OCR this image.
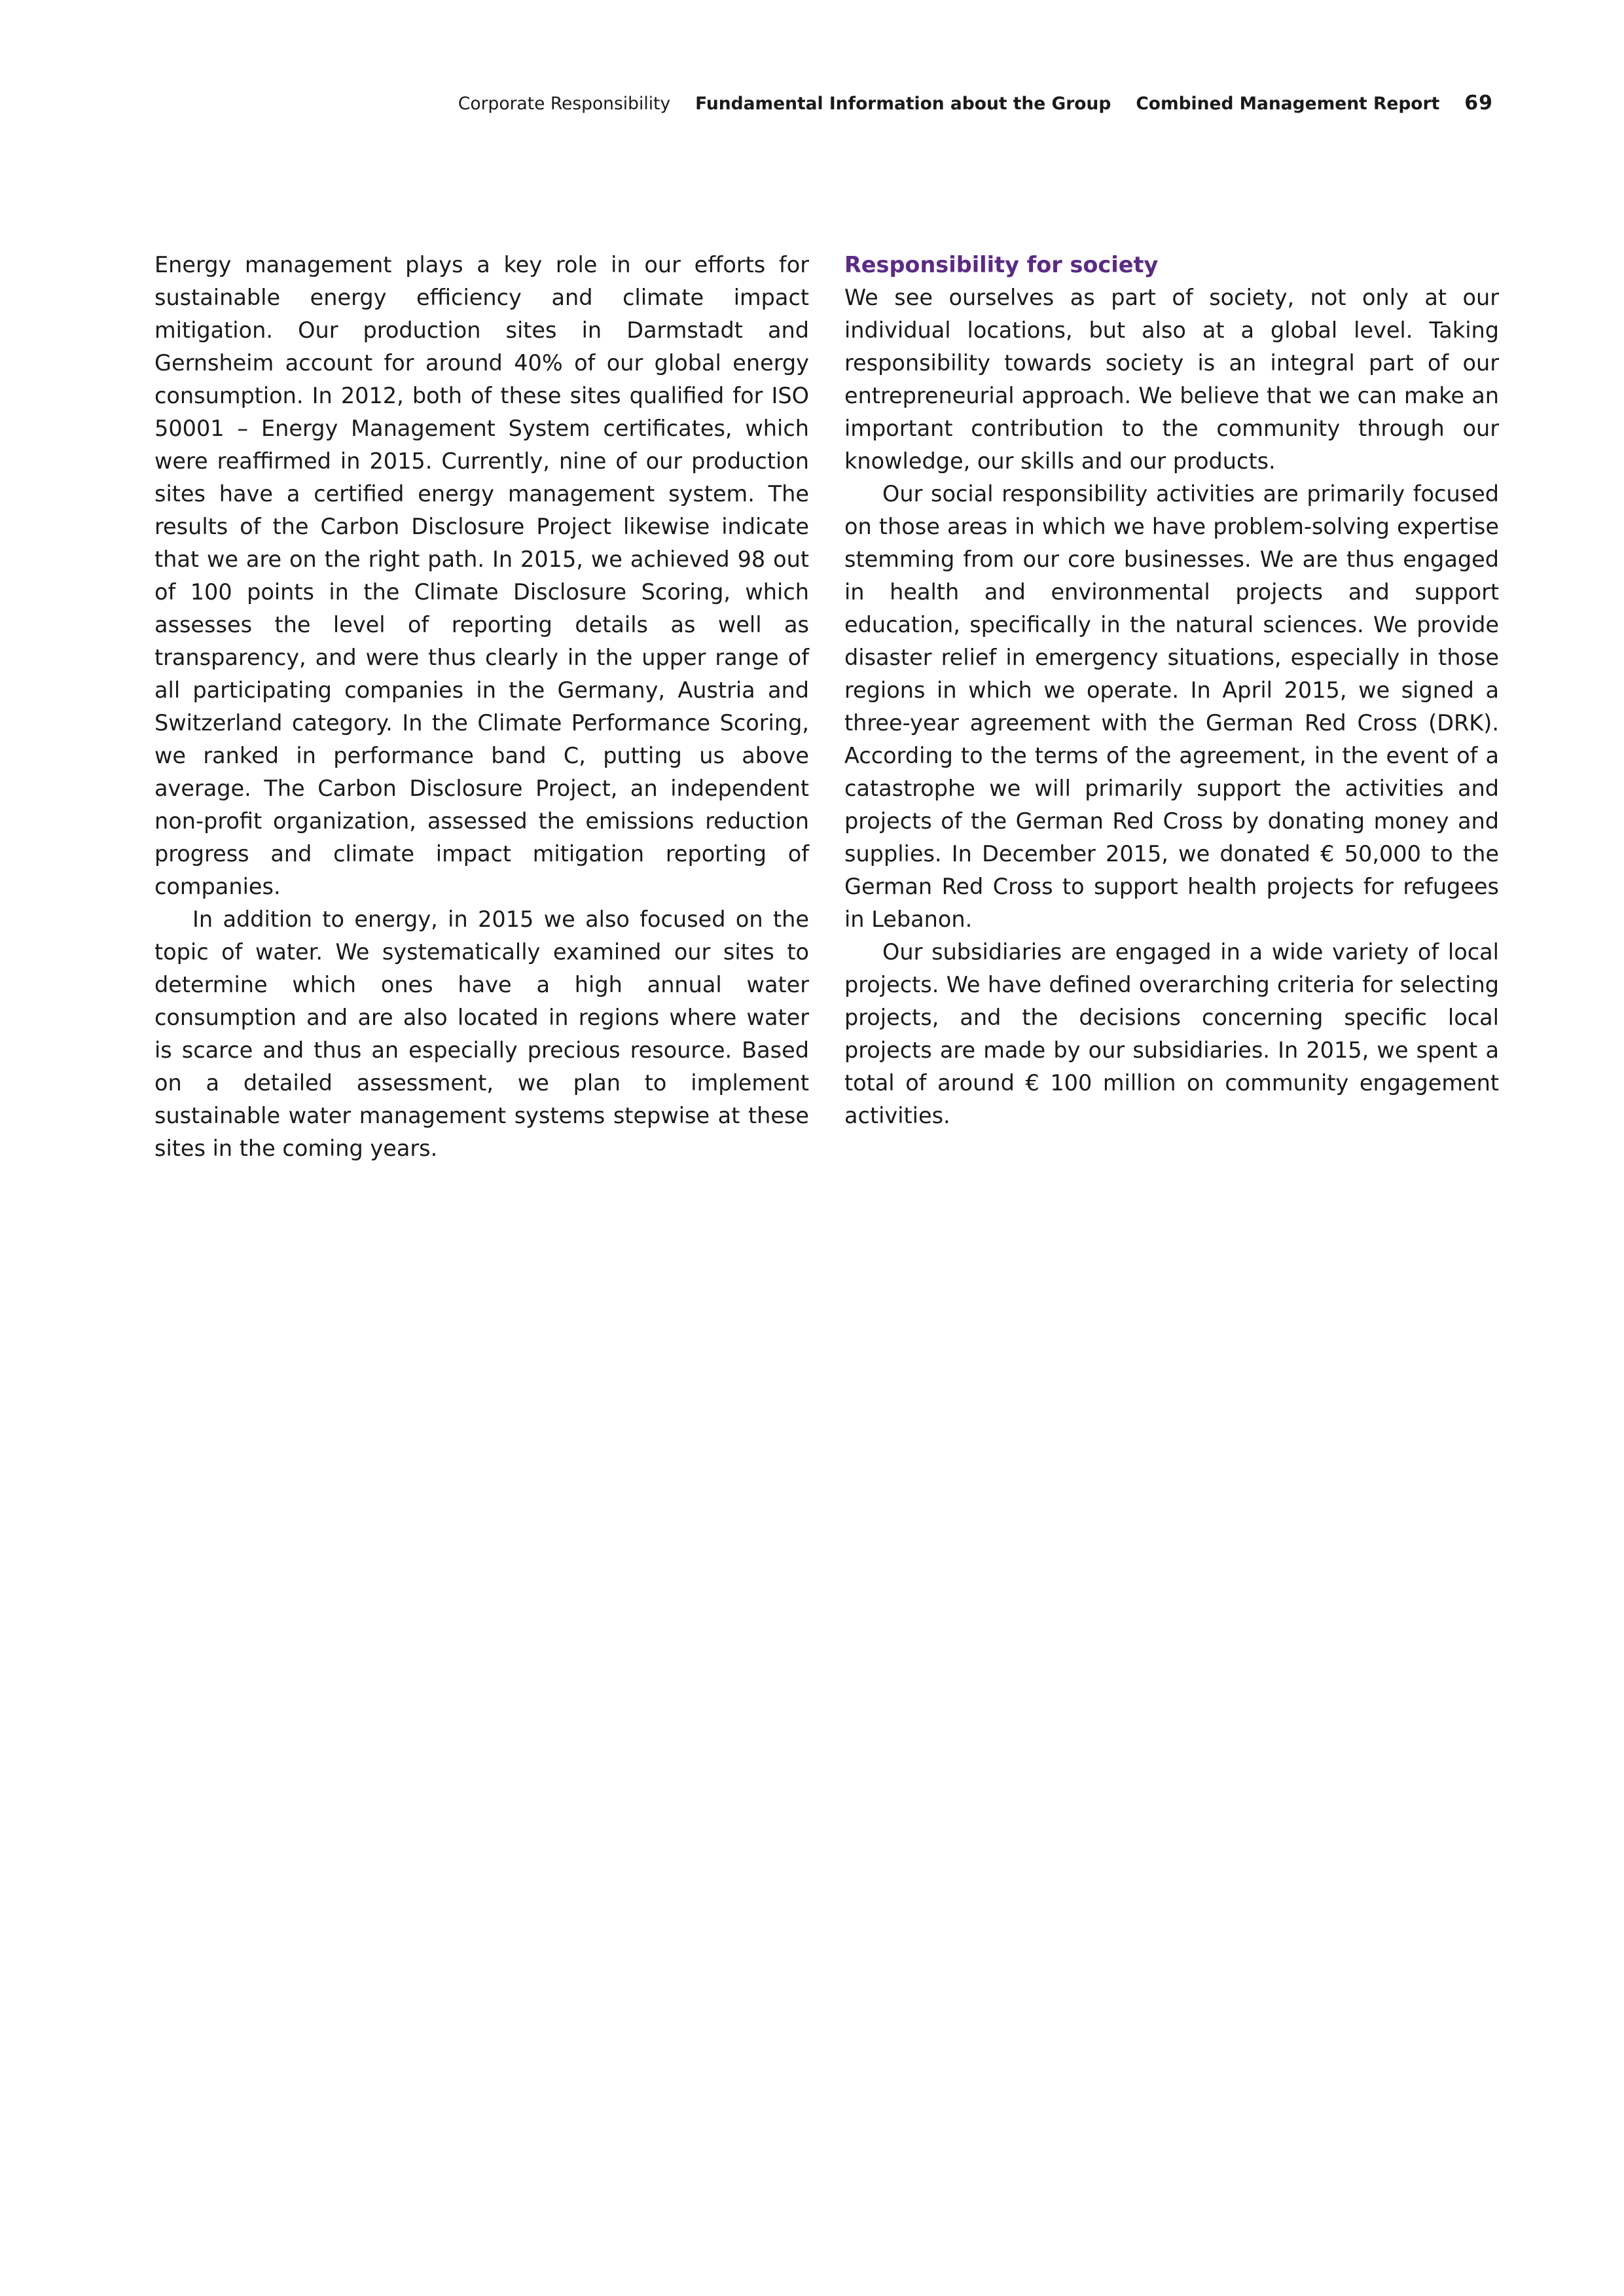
Corporate Responsibility Fundamental Information about the Group Combined Management Report 69

Energy management plays a key role in our efforts for sustainable energy efficiency and climate impact mitigation. Our production sites in Darmstadt and Gernsheim account for around 40% of our global energy consumption. In 2012, both of these sites qualified for ISO 50001 – Energy Management System certificates, which were reaffirmed in 2015. Currently, nine of our production sites have a certified energy management system. The results of the Carbon Disclosure Project likewise indicate that we are on the right path. In 2015, we achieved 98 out of 100 points in the Climate Disclosure Scoring, which assesses the level of reporting details as well as transparency, and were thus clearly in the upper range of all participating companies in the Germany, Austria and Switzerland category. In the Climate Performance Scoring, we ranked in performance band C, putting us above average. The Carbon Disclosure Project, an independent non-profit organization, assessed the emissions reduction progress and climate impact mitigation reporting of companies.

In addition to energy, in 2015 we also focused on the topic of water. We systematically examined our sites to determine which ones have a high annual water consumption and are also located in regions where water is scarce and thus an especially precious resource. Based on a detailed assessment, we plan to implement sustainable water management systems stepwise at these sites in the coming years.

Responsibility for society

We see ourselves as part of society, not only at our individual locations, but also at a global level. Taking responsibility towards society is an integral part of our entrepreneurial approach. We believe that we can make an important contribution to the community through our knowledge, our skills and our products.

Our social responsibility activities are primarily focused on those areas in which we have problem-solving expertise stemming from our core businesses. We are thus engaged in health and environmental projects and support education, specifically in the natural sciences. We provide disaster relief in emergency situations, especially in those regions in which we operate. In April 2015, we signed a three-year agreement with the German Red Cross (DRK). According to the terms of the agreement, in the event of a catastrophe we will primarily support the activities and projects of the German Red Cross by donating money and supplies. In December 2015, we donated € 50,000 to the German Red Cross to support health projects for refugees in Lebanon.

Our subsidiaries are engaged in a wide variety of local projects. We have defined overarching criteria for selecting projects, and the decisions concerning specific local projects are made by our subsidiaries. In 2015, we spent a total of around € 100 million on community engagement activities.
